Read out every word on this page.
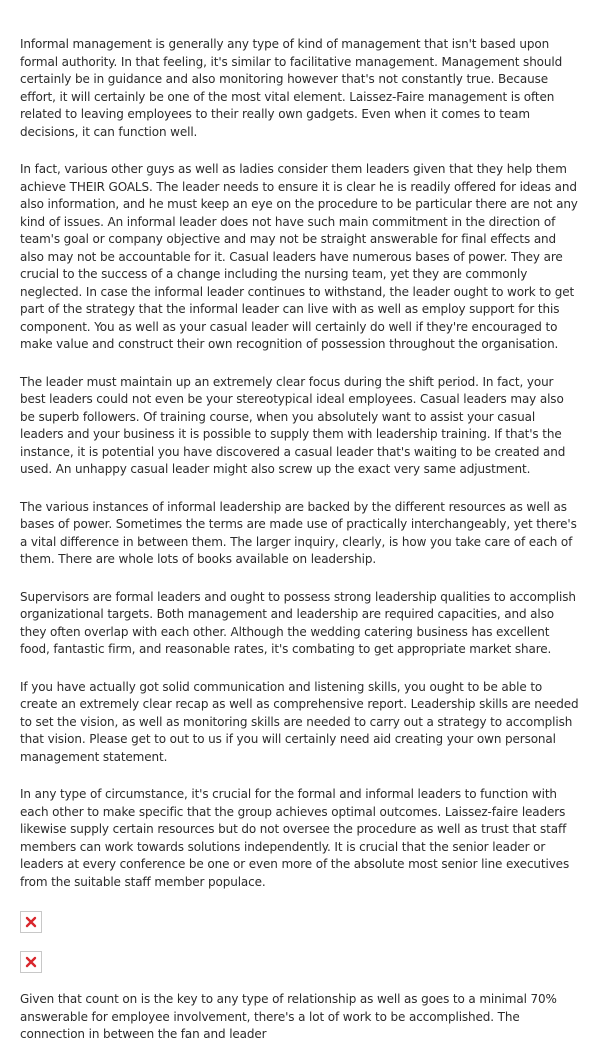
Informal management is generally any type of kind of management that isn't based upon formal authority. In that feeling, it's similar to facilitative management. Management should certainly be in guidance and also monitoring however that's not constantly true. Because effort, it will certainly be one of the most vital element. Laissez-Faire management is often related to leaving employees to their really own gadgets. Even when it comes to team decisions, it can function well.

In fact, various other guys as well as ladies consider them leaders given that they help them achieve THEIR GOALS. The leader needs to ensure it is clear he is readily offered for ideas and also information, and he must keep an eye on the procedure to be particular there are not any kind of issues. An informal leader does not have such main commitment in the direction of team's goal or company objective and may not be straight answerable for final effects and also may not be accountable for it. Casual leaders have numerous bases of power. They are crucial to the success of a change including the nursing team, yet they are commonly neglected. In case the informal leader continues to withstand, the leader ought to work to get part of the strategy that the informal leader can live with as well as employ support for this component. You as well as your casual leader will certainly do well if they're encouraged to make value and construct their own recognition of possession throughout the organisation.

The leader must maintain up an extremely clear focus during the shift period. In fact, your best leaders could not even be your stereotypical ideal employees. Casual leaders may also be superb followers. Of training course, when you absolutely want to assist your casual leaders and your business it is possible to supply them with leadership training. If that's the instance, it is potential you have discovered a casual leader that's waiting to be created and used. An unhappy casual leader might also screw up the exact very same adjustment.

The various instances of informal leadership are backed by the different resources as well as bases of power. Sometimes the terms are made use of practically interchangeably, yet there's a vital difference in between them. The larger inquiry, clearly, is how you take care of each of them. There are whole lots of books available on leadership.

Supervisors are formal leaders and ought to possess strong leadership qualities to accomplish organizational targets. Both management and leadership are required capacities, and also they often overlap with each other. Although the wedding catering business has excellent food, fantastic firm, and reasonable rates, it's combating to get appropriate market share.

If you have actually got solid communication and listening skills, you ought to be able to create an extremely clear recap as well as comprehensive report. Leadership skills are needed to set the vision, as well as monitoring skills are needed to carry out a strategy to accomplish that vision. Please get to out to us if you will certainly need aid creating your own personal management statement.

In any type of circumstance, it's crucial for the formal and informal leaders to function with each other to make specific that the group achieves optimal outcomes. Laissez-faire leaders likewise supply certain resources but do not oversee the procedure as well as trust that staff members can work towards solutions independently. It is crucial that the senior leader or leaders at every conference be one or even more of the absolute most senior line executives from the suitable staff member populace.

Given that count on is the key to any type of relationship as well as goes to a minimal 70% answerable for employee involvement, there's a lot of work to be accomplished. The connection in between the fan and leader
